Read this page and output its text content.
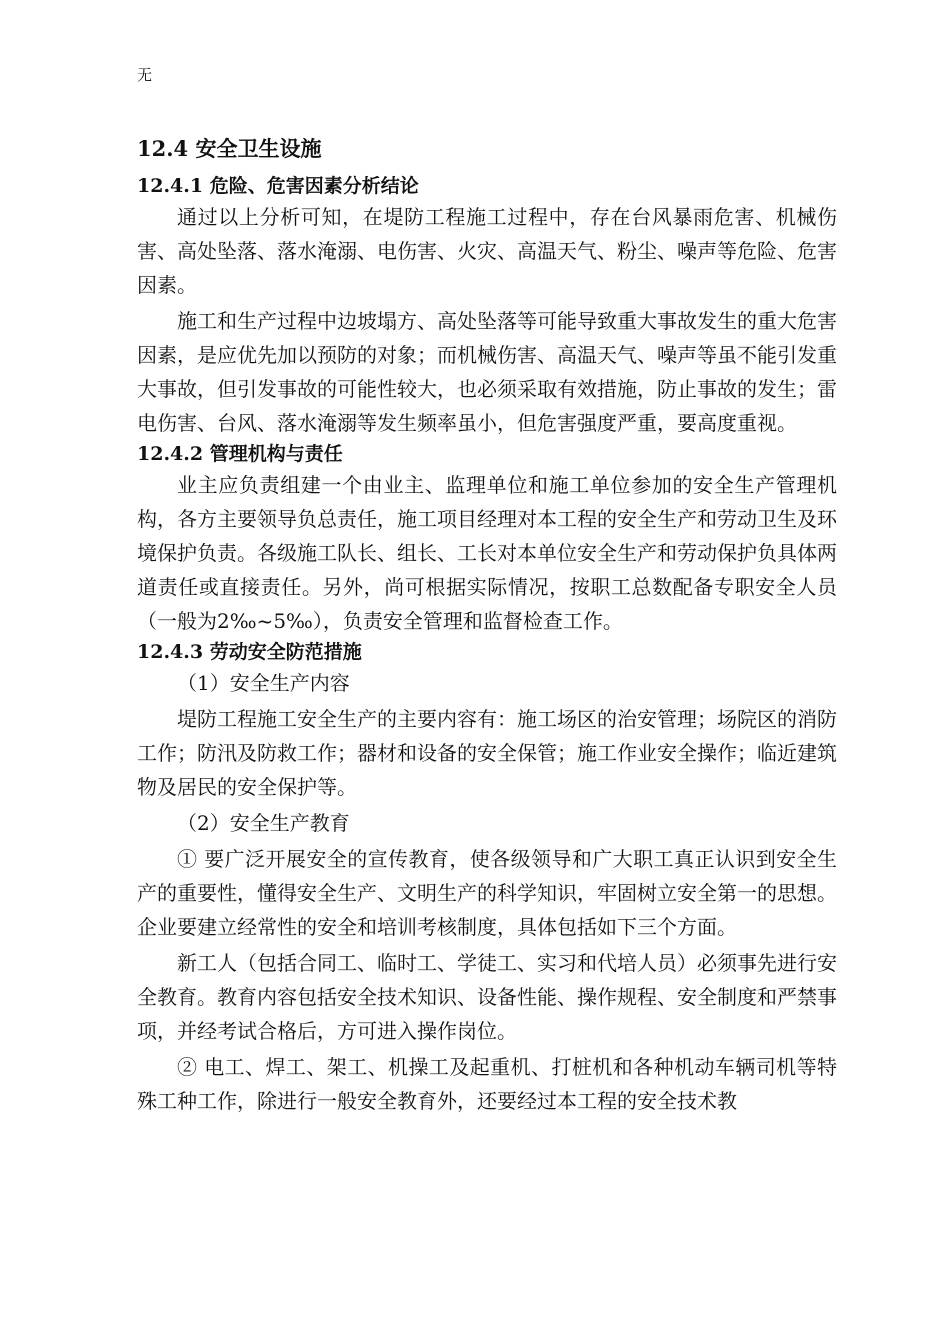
无
12.4 安全卫生设施
12.4.1 危险、危害因素分析结论

通过以上分析可知，在堤防工程施工过程中，存在台风暴雨危害、机械伤害、高处坠落、落水淹溺、电伤害、火灾、高温天气、粉尘、噪声等危险、危害因素。

施工和生产过程中边坡塌方、高处坠落等可能导致重大事故发生的重大危害因素，是应优先加以预防的对象；而机械伤害、高温天气、噪声等虽不能引发重大事故，但引发事故的可能性较大，也必须采取有效措施，防止事故的发生；雷电伤害、台风、落水淹溺等发生频率虽小，但危害强度严重，要高度重视。

12.4.2 管理机构与责任

业主应负责组建一个由业主、监理单位和施工单位参加的安全生产管理机构，各方主要领导负总责任，施工项目经理对本工程的安全生产和劳动卫生及环境保护负责。各级施工队长、组长、工长对本单位安全生产和劳动保护负具体两道责任或直接责任。另外，尚可根据实际情况，按职工总数配备专职安全人员（一般为2‰~5‰），负责安全管理和监督检查工作。

12.4.3 劳动安全防范措施
（1）安全生产内容

堤防工程施工安全生产的主要内容有：施工场区的治安管理；场院区的消防工作；防汛及防救工作；器材和设备的安全保管；施工作业安全操作；临近建筑物及居民的安全保护等。

（2）安全生产教育

① 要广泛开展安全的宣传教育，使各级领导和广大职工真正认识到安全生产的重要性，懂得安全生产、文明生产的科学知识，牢固树立安全第一的思想。企业要建立经常性的安全和培训考核制度，具体包括如下三个方面。

新工人（包括合同工、临时工、学徒工、实习和代培人员）必须事先进行安全教育。教育内容包括安全技术知识、设备性能、操作规程、安全制度和严禁事项，并经考试合格后，方可进入操作岗位。

② 电工、焊工、架工、机操工及起重机、打桩机和各种机动车辆司机等特殊工种工作，除进行一般安全教育外，还要经过本工程的安全技术教
